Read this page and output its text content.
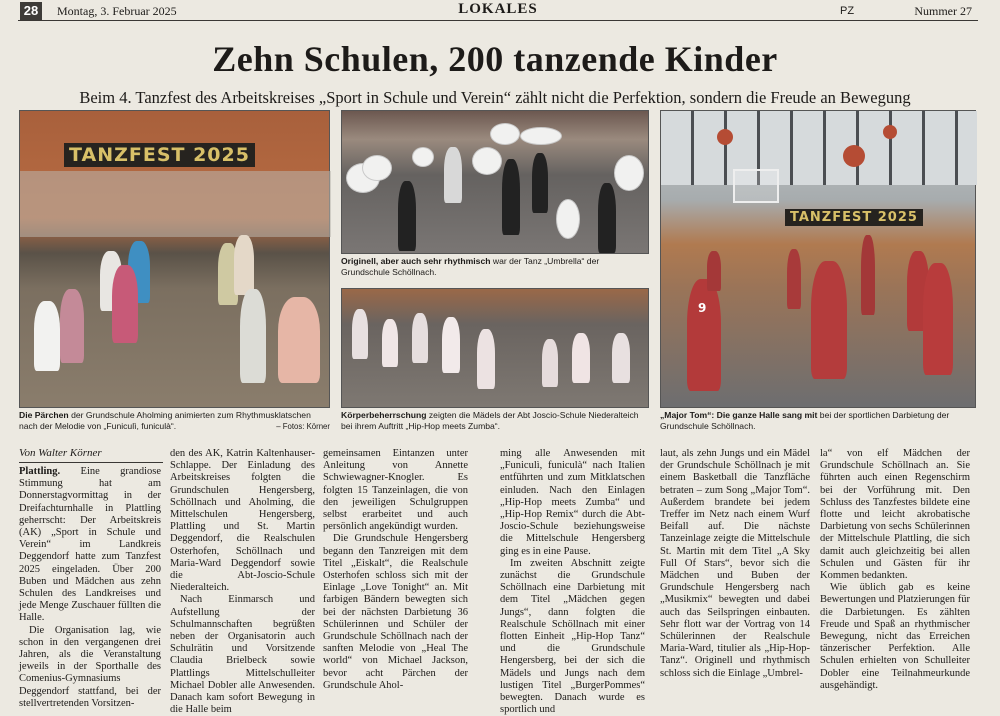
28	Montag, 3. Februar 2025	LOKALES	PZ	Nummer 27
Zehn Schulen, 200 tanzende Kinder
Beim 4. Tanzfest des Arbeitskreises „Sport in Schule und Verein“ zählt nicht die Perfektion, sondern die Freude an Bewegung
TANZFEST 2025
Originell, aber auch sehr rhythmisch war der Tanz „Umbrella“ der Grundschule Schöllnach.
Körperbeherrschung zeigten die Mädels der Abt Joscio-Schule Niederalteich bei ihrem Auftritt „Hip-Hop meets Zumba“.
TANZFEST 2025
9
„Major Tom“: Die ganze Halle sang mit bei der sportlichen Darbietung der Grundschule Schöllnach.
Die Pärchen der Grundschule Aholming animierten zum Rhythmusklatschen nach der Melodie von „Funiculì, funiculà“.	– Fotos: Körner
Von Walter Körner

Plattling. Eine grandiose Stimmung hat am Donnerstagvormittag in der Dreifachturnhalle in Plattling geherrscht: Der Arbeitskreis (AK) „Sport in Schule und Verein“ im Landkreis Deggendorf hatte zum Tanzfest 2025 eingeladen. Über 200 Buben und Mädchen aus zehn Schulen des Landkreises und jede Menge Zuschauer füllten die Halle.

Die Organisation lag, wie schon in den vergangenen drei Jahren, als die Veranstaltung jeweils in der Sporthalle des Comenius-Gymnasiums Deggendorf stattfand, bei der stellvertretenden Vorsitzen-

den des AK, Katrin Kaltenhauser-Schlappe. Der Einladung des Arbeitskreises folgten die Grundschulen Hengersberg, Schöllnach und Aholming, die Mittelschulen Hengersberg, Plattling und St. Martin Deggendorf, die Realschulen Osterhofen, Schöllnach und Maria-Ward Deggendorf sowie die Abt-Joscio-Schule Niederalteich.

Nach Einmarsch und Aufstellung der Schulmannschaften begrüßten neben der Organisatorin auch Schulrätin und Vorsitzende Claudia Brielbeck sowie Plattlings Mittelschulleiter Michael Dobler alle Anwesenden. Danach kam sofort Bewegung in die Halle beim

gemeinsamen Eintanzen unter Anleitung von Annette Schwiewagner-Knogler. Es folgten 15 Tanzeinlagen, die von den jeweiligen Schulgruppen selbst erarbeitet und auch persönlich angekündigt wurden.

Die Grundschule Hengersberg begann den Tanzreigen mit dem Titel „Eiskalt“, die Realschule Osterhofen schloss sich mit der Einlage „Love Tonight“ an. Mit farbigen Bändern bewegten sich bei der nächsten Darbietung 36 Schülerinnen und Schüler der Grundschule Schöllnach nach der sanften Melodie von „Heal The world“ von Michael Jackson, bevor acht Pärchen der Grundschule Ahol-

ming alle Anwesenden mit „Funiculì, funiculà“ nach Italien entführten und zum Mitklatschen einluden. Nach den Einlagen „Hip-Hop meets Zumba“ und „Hip-Hop Remix“ durch die Abt-Joscio-Schule beziehungsweise die Mittelschule Hengersberg ging es in eine Pause.

Im zweiten Abschnitt zeigte zunächst die Grundschule Schöllnach eine Darbietung mit dem Titel „Mädchen gegen Jungs“, dann folgten die Realschule Schöllnach mit einer flotten Einheit „Hip-Hop Tanz“ und die Grundschule Hengersberg, bei der sich die Mädels und Jungs nach dem lustigen Titel „BurgerPommes“ bewegten. Danach wurde es sportlich und

laut, als zehn Jungs und ein Mädel der Grundschule Schöllnach je mit einem Basketball die Tanzfläche betraten – zum Song „Major Tom“. Außerdem brandete bei jedem Treffer im Netz nach einem Wurf Beifall auf. Die nächste Tanzeinlage zeigte die Mittelschule St. Martin mit dem Titel „A Sky Full Of Stars“, bevor sich die Mädchen und Buben der Grundschule Hengersberg nach „Musikmix“ bewegten und dabei auch das Seilspringen einbauten. Sehr flott war der Vortrag von 14 Schülerinnen der Realschule Maria-Ward, titulier als „Hip-Hop-Tanz“. Originell und rhythmisch schloss sich die Einlage „Umbrel-

la“ von elf Mädchen der Grundschule Schöllnach an. Sie führten auch einen Regenschirm bei der Vorführung mit. Den Schluss des Tanzfestes bildete eine flotte und leicht akrobatische Darbietung von sechs Schülerinnen der Mittelschule Plattling, die sich damit auch gleichzeitig bei allen Schulen und Gästen für ihr Kommen bedankten.

Wie üblich gab es keine Bewertungen und Platzierungen für die Darbietungen. Es zählten Freude und Spaß an rhythmischer Bewegung, nicht das Erreichen tänzerischer Perfektion. Alle Schulen erhielten von Schulleiter Dobler eine Teilnahmeurkunde ausgehändigt.
